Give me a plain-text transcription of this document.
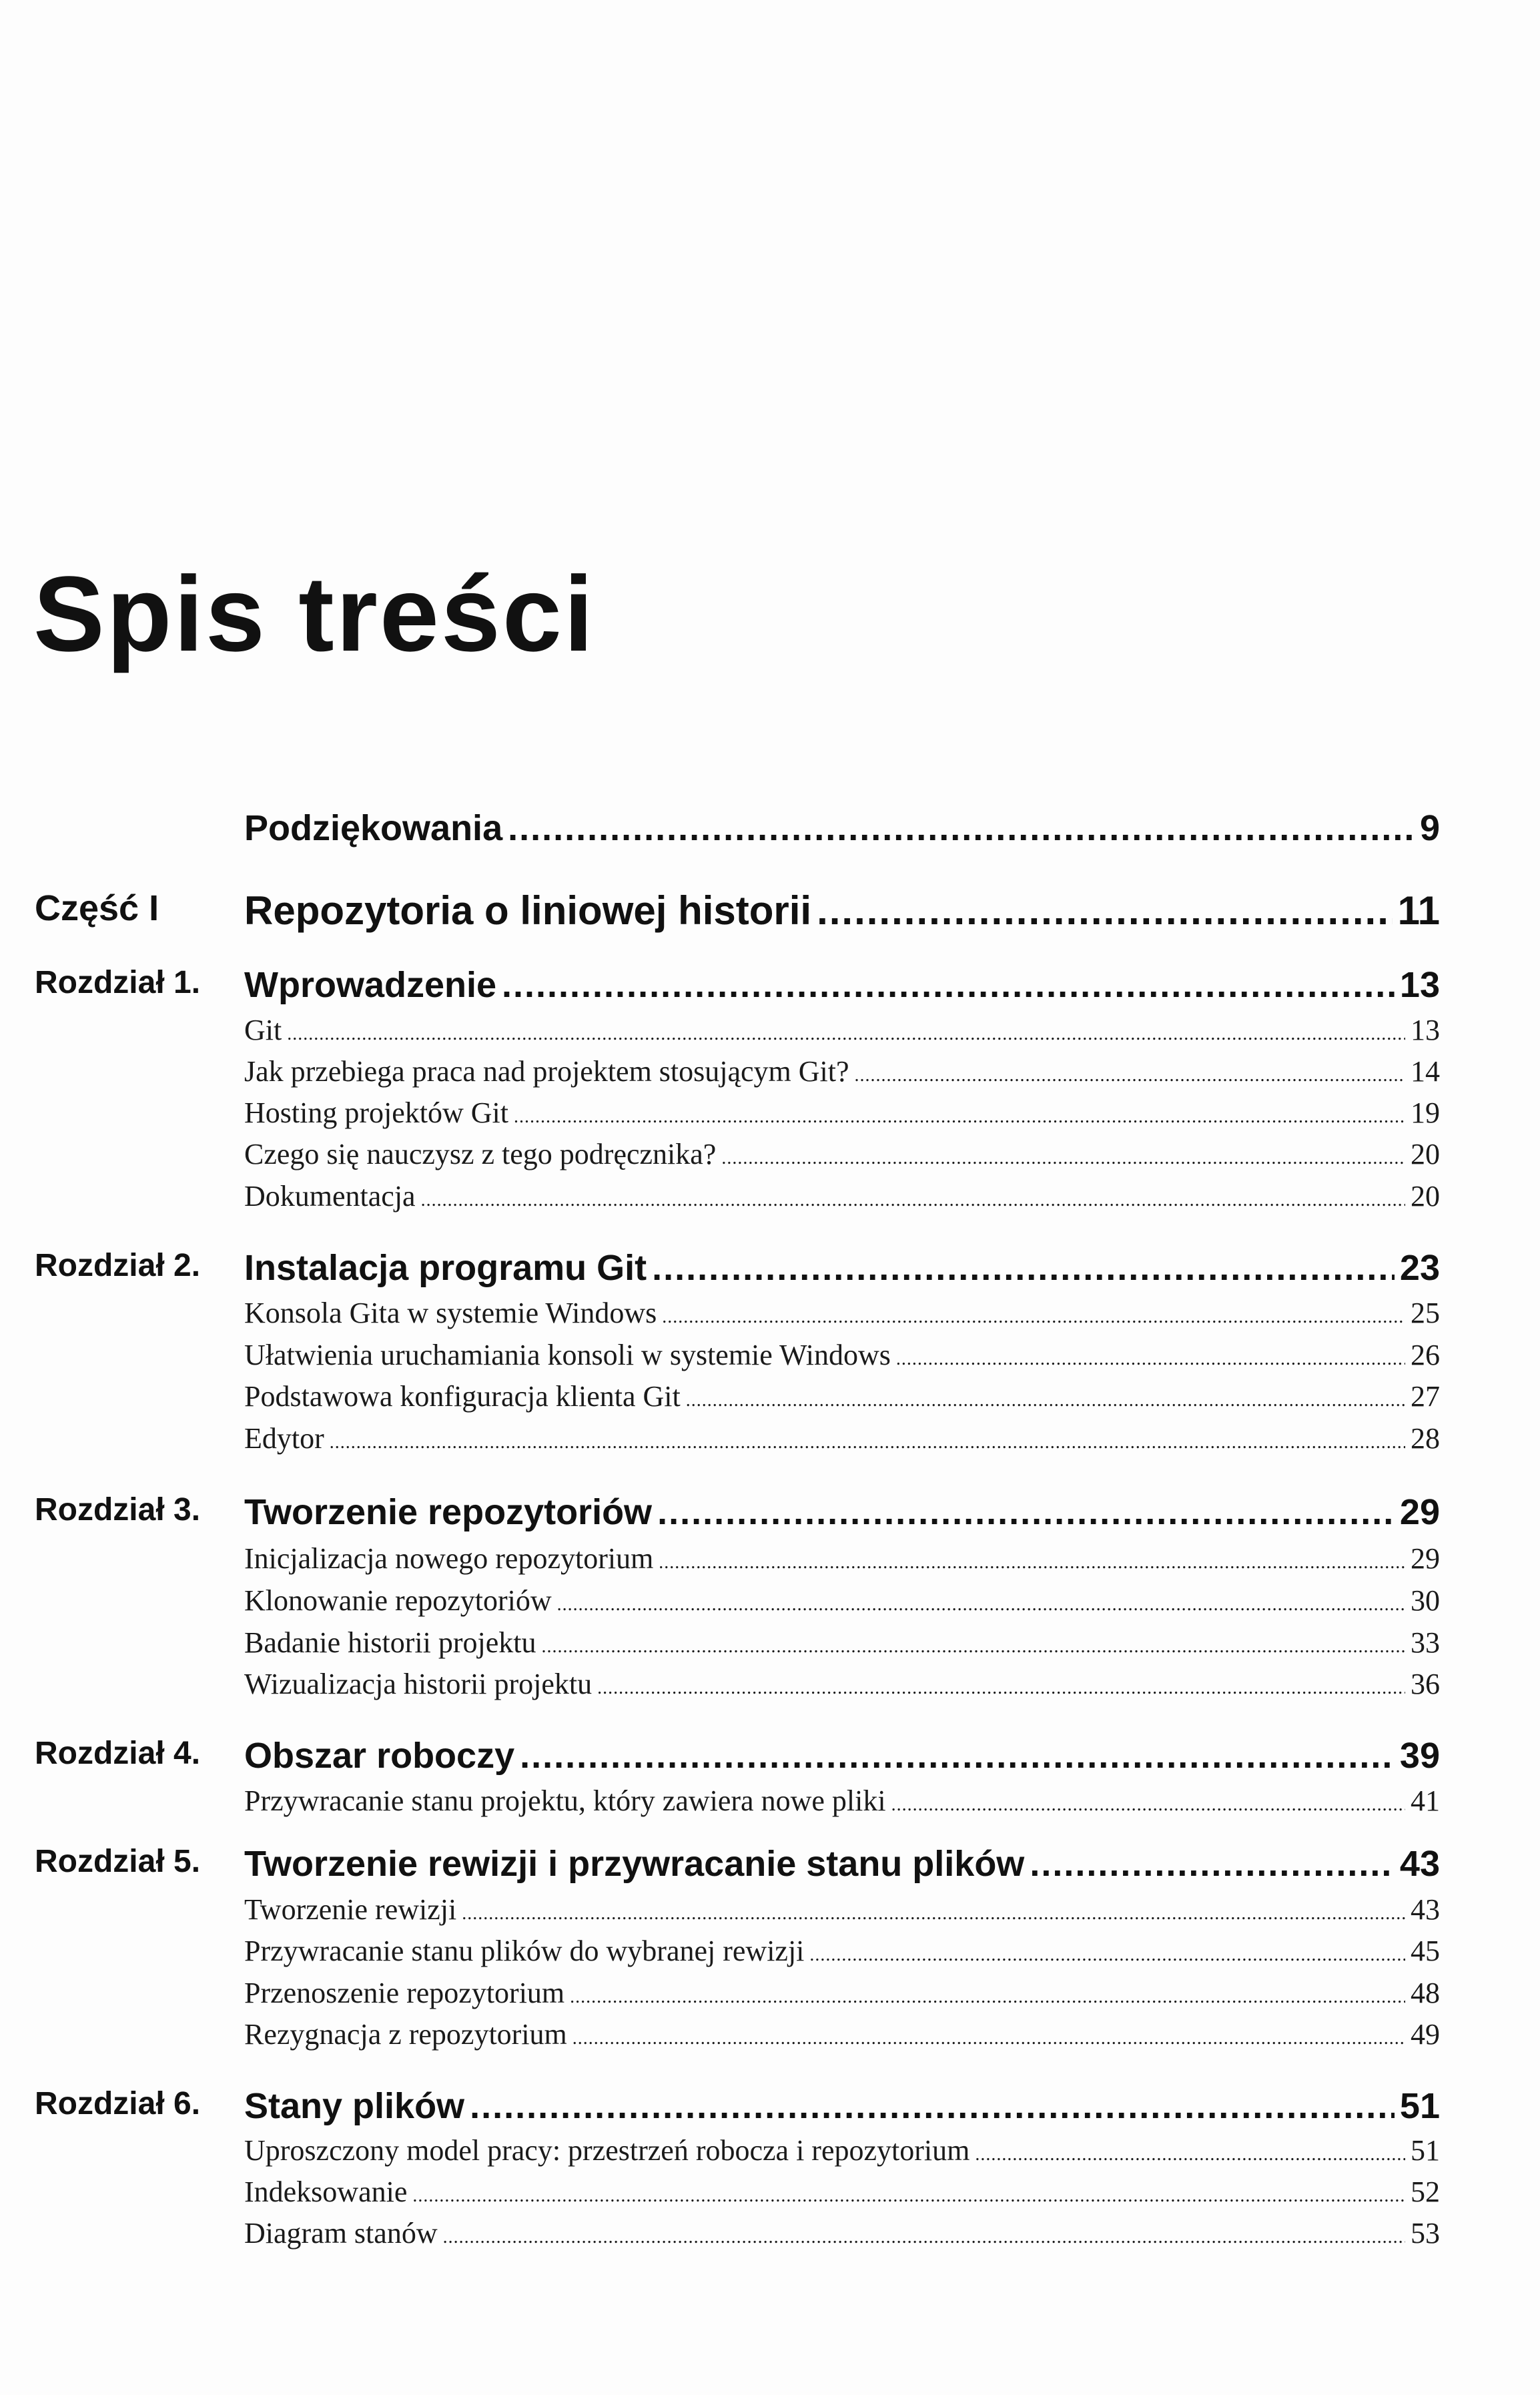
Spis treści
Podziękowania .....	9
Część I Repozytoria o liniowej historii .....	11
Rozdział 1. Wprowadzenie .....	13
Git .....	13
Jak przebiega praca nad projektem stosującym Git? .....	14
Hosting projektów Git .....	19
Czego się nauczysz z tego podręcznika? .....	20
Dokumentacja .....	20
Rozdział 2. Instalacja programu Git .....	23
Konsola Gita w systemie Windows .....	25
Ułatwienia uruchamiania konsoli w systemie Windows .....	26
Podstawowa konfiguracja klienta Git .....	27
Edytor .....	28
Rozdział 3. Tworzenie repozytoriów .....	29
Inicjalizacja nowego repozytorium .....	29
Klonowanie repozytoriów .....	30
Badanie historii projektu .....	33
Wizualizacja historii projektu .....	36
Rozdział 4. Obszar roboczy .....	39
Przywracanie stanu projektu, który zawiera nowe pliki .....	41
Rozdział 5. Tworzenie rewizji i przywracanie stanu plików .....	43
Tworzenie rewizji .....	43
Przywracanie stanu plików do wybranej rewizji .....	45
Przenoszenie repozytorium .....	48
Rezygnacja z repozytorium .....	49
Rozdział 6. Stany plików .....	51
Uproszczony model pracy: przestrzeń robocza i repozytorium .....	51
Indeksowanie .....	52
Diagram stanów .....	53
